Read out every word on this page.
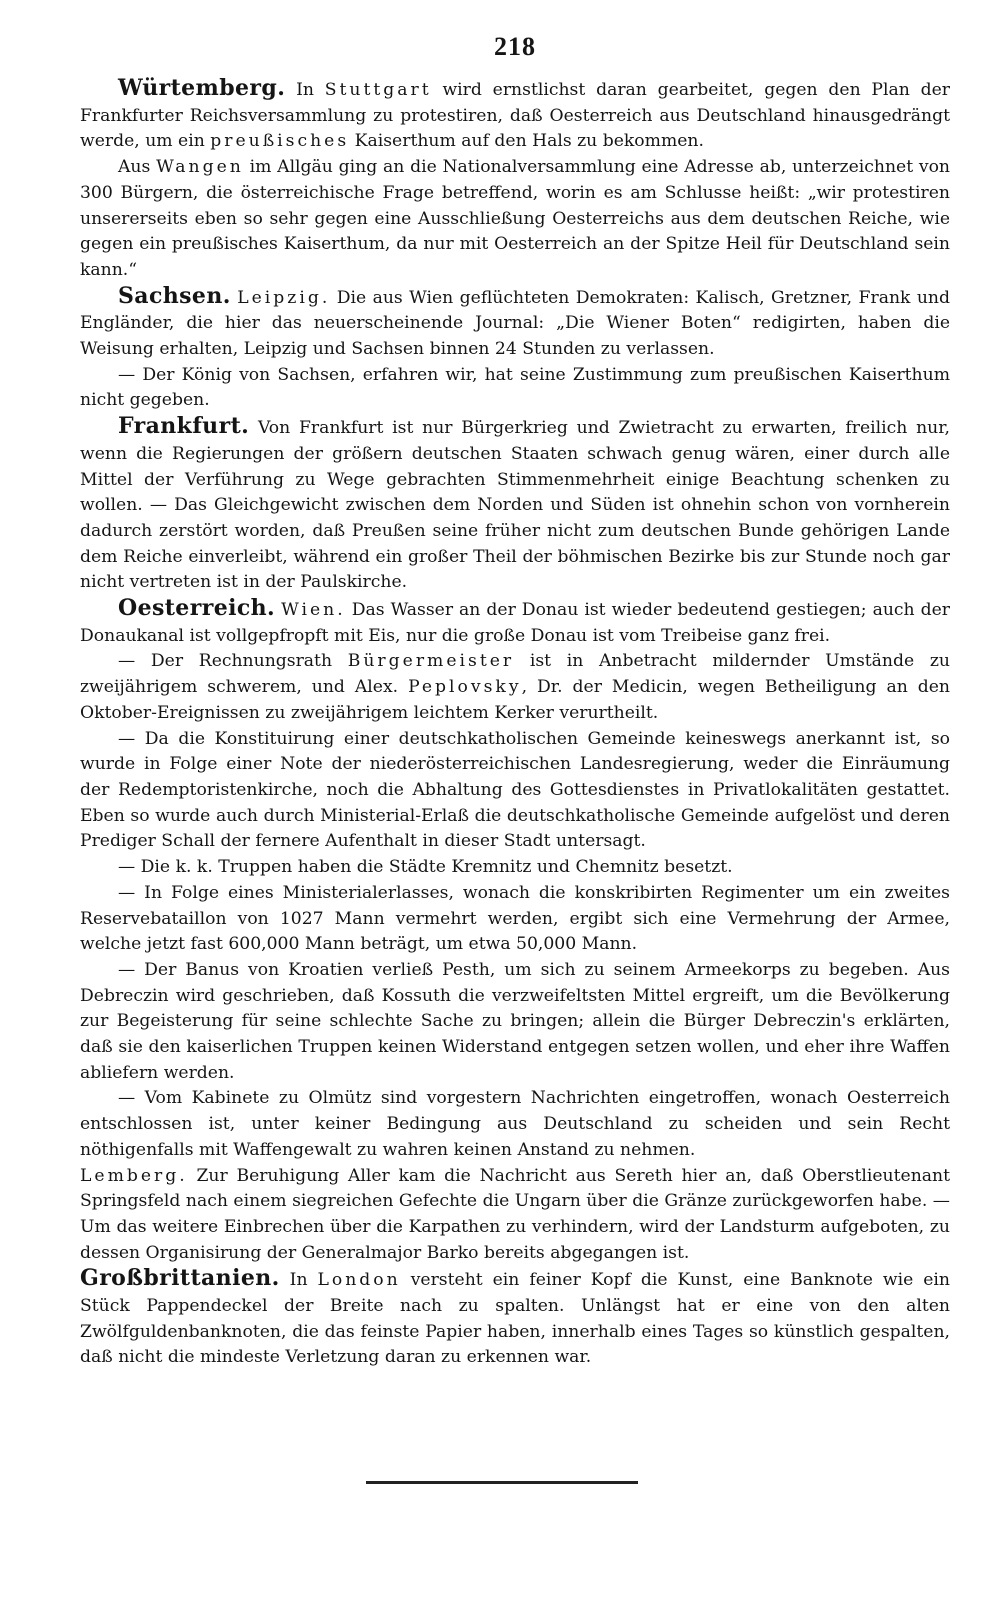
218

Würtemberg. In Stuttgart wird ernstlichst daran gearbeitet, gegen den Plan der Frankfurter Reichsversammlung zu protestiren, daß Oesterreich aus Deutschland hinausgedrängt werde, um ein preußisches Kaiserthum auf den Hals zu bekommen.

Aus Wangen im Allgäu ging an die Nationalversammlung eine Adresse ab, unterzeichnet von 300 Bürgern, die österreichische Frage betreffend, worin es am Schlusse heißt: „wir protestiren unsererseits eben so sehr gegen eine Ausschließung Oesterreichs aus dem deutschen Reiche, wie gegen ein preußisches Kaiserthum, da nur mit Oesterreich an der Spitze Heil für Deutschland sein kann.“

Sachsen. Leipzig. Die aus Wien geflüchteten Demokraten: Kalisch, Gretzner, Frank und Engländer, die hier das neuerscheinende Journal: „Die Wiener Boten“ redigirten, haben die Weisung erhalten, Leipzig und Sachsen binnen 24 Stunden zu verlassen.

— Der König von Sachsen, erfahren wir, hat seine Zustimmung zum preußischen Kaiserthum nicht gegeben.

Frankfurt. Von Frankfurt ist nur Bürgerkrieg und Zwietracht zu erwarten, freilich nur, wenn die Regierungen der größern deutschen Staaten schwach genug wären, einer durch alle Mittel der Verführung zu Wege gebrachten Stimmenmehrheit einige Beachtung schenken zu wollen. — Das Gleichgewicht zwischen dem Norden und Süden ist ohnehin schon von vornherein dadurch zerstört worden, daß Preußen seine früher nicht zum deutschen Bunde gehörigen Lande dem Reiche einverleibt, während ein großer Theil der böhmischen Bezirke bis zur Stunde noch gar nicht vertreten ist in der Paulskirche.

Oesterreich. Wien. Das Wasser an der Donau ist wieder bedeutend gestiegen; auch der Donaukanal ist vollgepfropft mit Eis, nur die große Donau ist vom Treibeise ganz frei.

— Der Rechnungsrath Bürgermeister ist in Anbetracht mildernder Umstände zu zweijährigem schwerem, und Alex. Peplovsky, Dr. der Medicin, wegen Betheiligung an den Oktober-Ereignissen zu zweijährigem leichtem Kerker verurtheilt.

— Da die Konstituirung einer deutschkatholischen Gemeinde keineswegs anerkannt ist, so wurde in Folge einer Note der niederösterreichischen Landesregierung, weder die Einräumung der Redemptoristenkirche, noch die Abhaltung des Gottesdienstes in Privatlokalitäten gestattet. Eben so wurde auch durch Ministerial-Erlaß die deutschkatholische Gemeinde aufgelöst und deren Prediger Schall der fernere Aufenthalt in dieser Stadt untersagt.

— Die k. k. Truppen haben die Städte Kremnitz und Chemnitz besetzt.

— In Folge eines Ministerialerlasses, wonach die konskribirten Regimenter um ein zweites Reservebataillon von 1027 Mann vermehrt werden, ergibt sich eine Vermehrung der Armee, welche jetzt fast 600,000 Mann beträgt, um etwa 50,000 Mann.

— Der Banus von Kroatien verließ Pesth, um sich zu seinem Armeekorps zu begeben. Aus Debreczin wird geschrieben, daß Kossuth die verzweifeltsten Mittel ergreift, um die Bevölkerung zur Begeisterung für seine schlechte Sache zu bringen; allein die Bürger Debreczin's erklärten, daß sie den kaiserlichen Truppen keinen Widerstand entgegen setzen wollen, und eher ihre Waffen abliefern werden.

— Vom Kabinete zu Olmütz sind vorgestern Nachrichten eingetroffen, wonach Oesterreich entschlossen ist, unter keiner Bedingung aus Deutschland zu scheiden und sein Recht nöthigenfalls mit Waffengewalt zu wahren keinen Anstand zu nehmen.

Lemberg. Zur Beruhigung Aller kam die Nachricht aus Sereth hier an, daß Oberstlieutenant Springsfeld nach einem siegreichen Gefechte die Ungarn über die Gränze zurückgeworfen habe. — Um das weitere Einbrechen über die Karpathen zu verhindern, wird der Landsturm aufgeboten, zu dessen Organisirung der Generalmajor Barko bereits abgegangen ist.

Großbrittanien. In London versteht ein feiner Kopf die Kunst, eine Banknote wie ein Stück Pappendeckel der Breite nach zu spalten. Unlängst hat er eine von den alten Zwölfguldenbanknoten, die das feinste Papier haben, innerhalb eines Tages so künstlich gespalten, daß nicht die mindeste Verletzung daran zu erkennen war.
